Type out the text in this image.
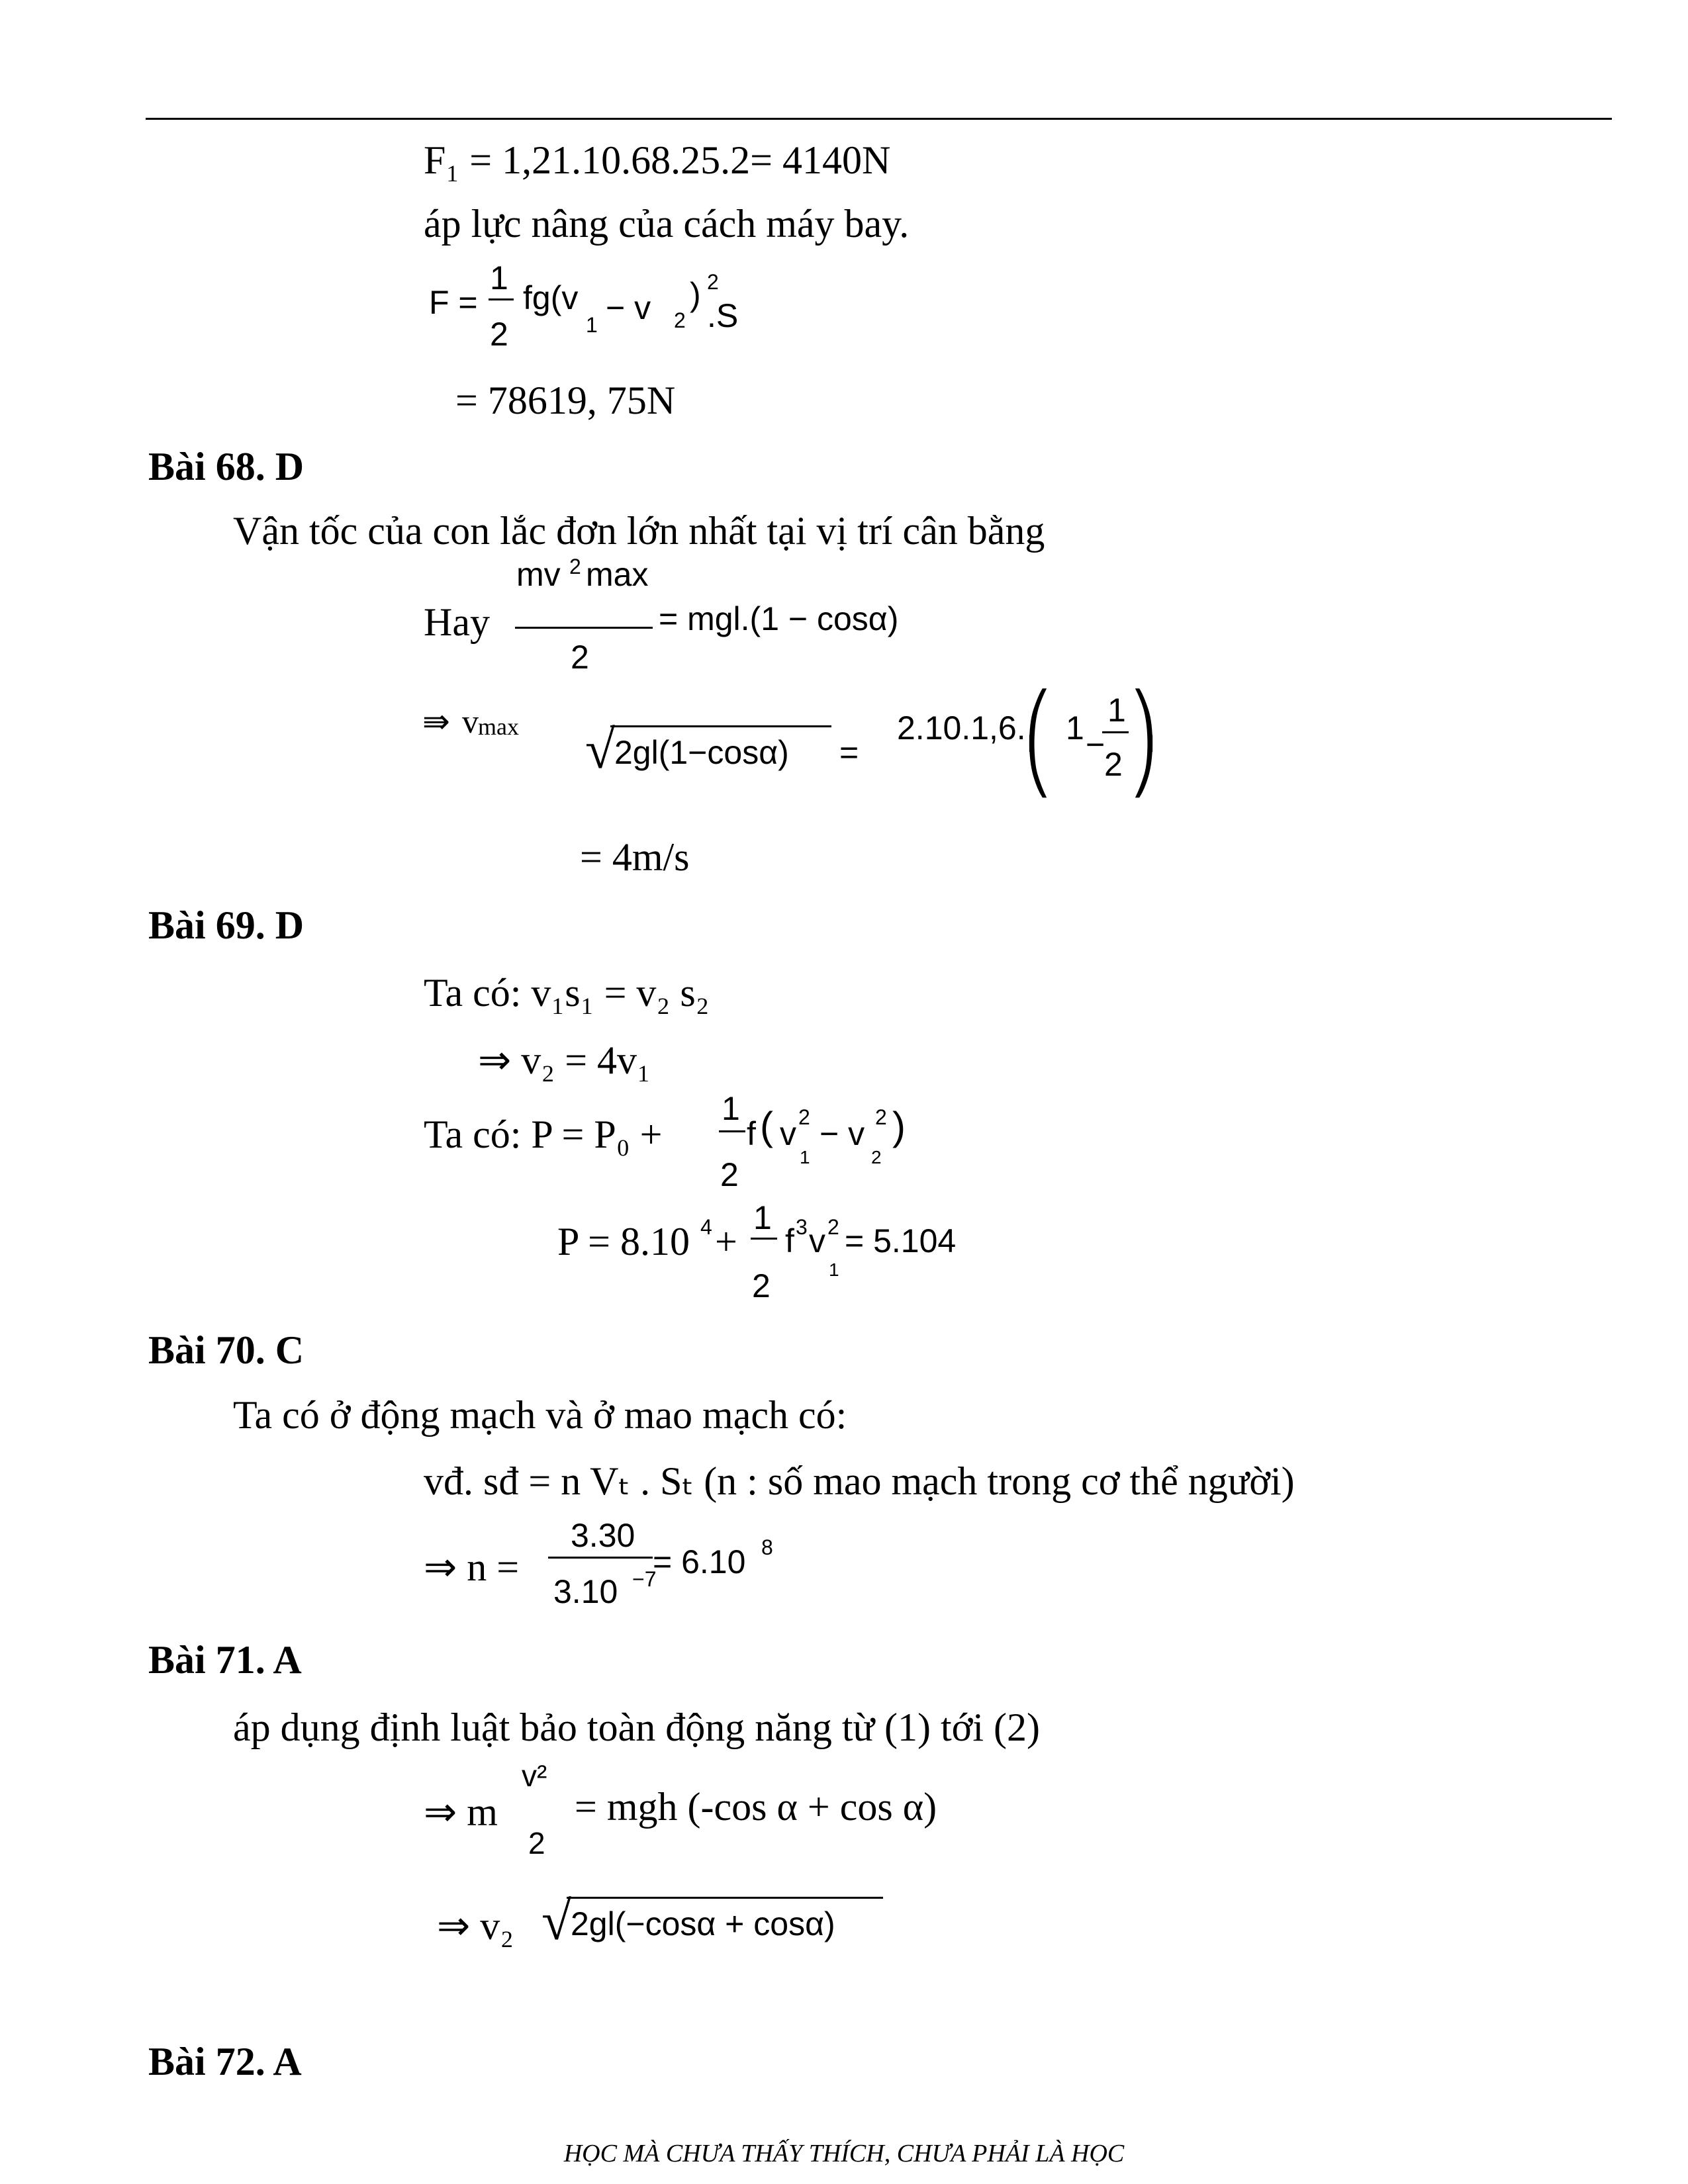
F₁ = 1,21.10.68.25.2= 4140N
áp lực nâng của cách máy bay.
F =
1
2
fg(v
1 − v 2
) 2
.S
= 78619, 75N
Bài 68. D
Vận tốc của con lắc đơn lớn nhất tại vị trí cân bằng
Hay
mv 2 max
2
= mgl.(1 − cosα)
⇛ v max √
2gl(1−cosα) =
2.10.1,6.
⎛
⎝
1 −
1
2
⎞
⎠
= 4m/s
Bài 69. D
Ta có: v₁s₁ = v₂ s₂
⇒ v₂ = 4v₁
Ta có: P = P₀ +
1
2
f ( v 2
1
− v 2
2
)
P = 8.10 4 +
1
2
f 3 v 2
1
= 5.104
Bài 70. C
Ta có ở động mạch và ở mao mạch có:
vđ. sđ = n Vₜ . Sₜ (n : số mao mạch trong cơ thể người)
⇒ n =
3.30
3.10 −7
= 6.10 8
Bài 71. A
áp dụng định luật bảo toàn động năng từ (1) tới (2)
⇒ m
v²
2
= mgh (-cos α + cos α)
⇒ v₂ √
2gl(−cosα + cosα)
Bài 72. A
HỌC MÀ CHƯA THẤY THÍCH, CHƯA PHẢI LÀ HỌC
